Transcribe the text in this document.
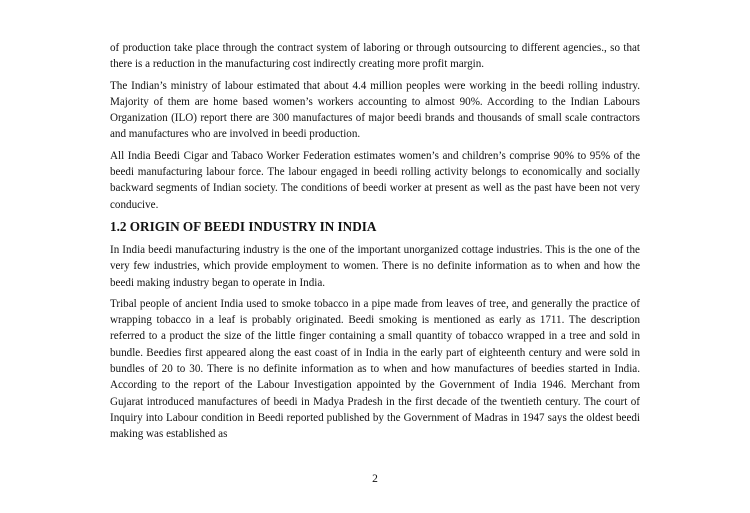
of production take place through the contract system of laboring or through outsourcing to different agencies., so that there is a reduction in the manufacturing cost indirectly creating more profit margin.

The Indian’s ministry of labour estimated that about 4.4 million peoples were working in the beedi rolling industry. Majority of them are home based women’s workers accounting to almost 90%. According to the Indian Labours Organization (ILO) report there are 300 manufactures of major beedi brands and thousands of small scale contractors and manufactures who are involved in beedi production.

All India Beedi Cigar and Tabaco Worker Federation estimates women’s and children’s comprise 90% to 95% of the beedi manufacturing labour force. The labour engaged in beedi rolling activity belongs to economically and socially backward segments of Indian society. The conditions of beedi worker at present as well as the past have been not very conducive.

1.2 ORIGIN OF BEEDI INDUSTRY IN INDIA

In India beedi manufacturing industry is the one of the important unorganized cottage industries. This is the one of the very few industries, which provide employment to women. There is no definite information as to when and how the beedi making industry began to operate in India.

Tribal people of ancient India used to smoke tobacco in a pipe made from leaves of tree, and generally the practice of wrapping tobacco in a leaf is probably originated. Beedi smoking is mentioned as early as 1711. The description referred to a product the size of the little finger containing a small quantity of tobacco wrapped in a tree and sold in bundle. Beedies first appeared along the east coast of in India in the early part of eighteenth century and were sold in bundles of 20 to 30. There is no definite information as to when and how manufactures of beedies started in India. According to the report of the Labour Investigation appointed by the Government of India 1946. Merchant from Gujarat introduced manufactures of beedi in Madya Pradesh in the first decade of the twentieth century. The court of Inquiry into Labour condition in Beedi reported published by the Government of Madras in 1947 says the oldest beedi making was established as

2
